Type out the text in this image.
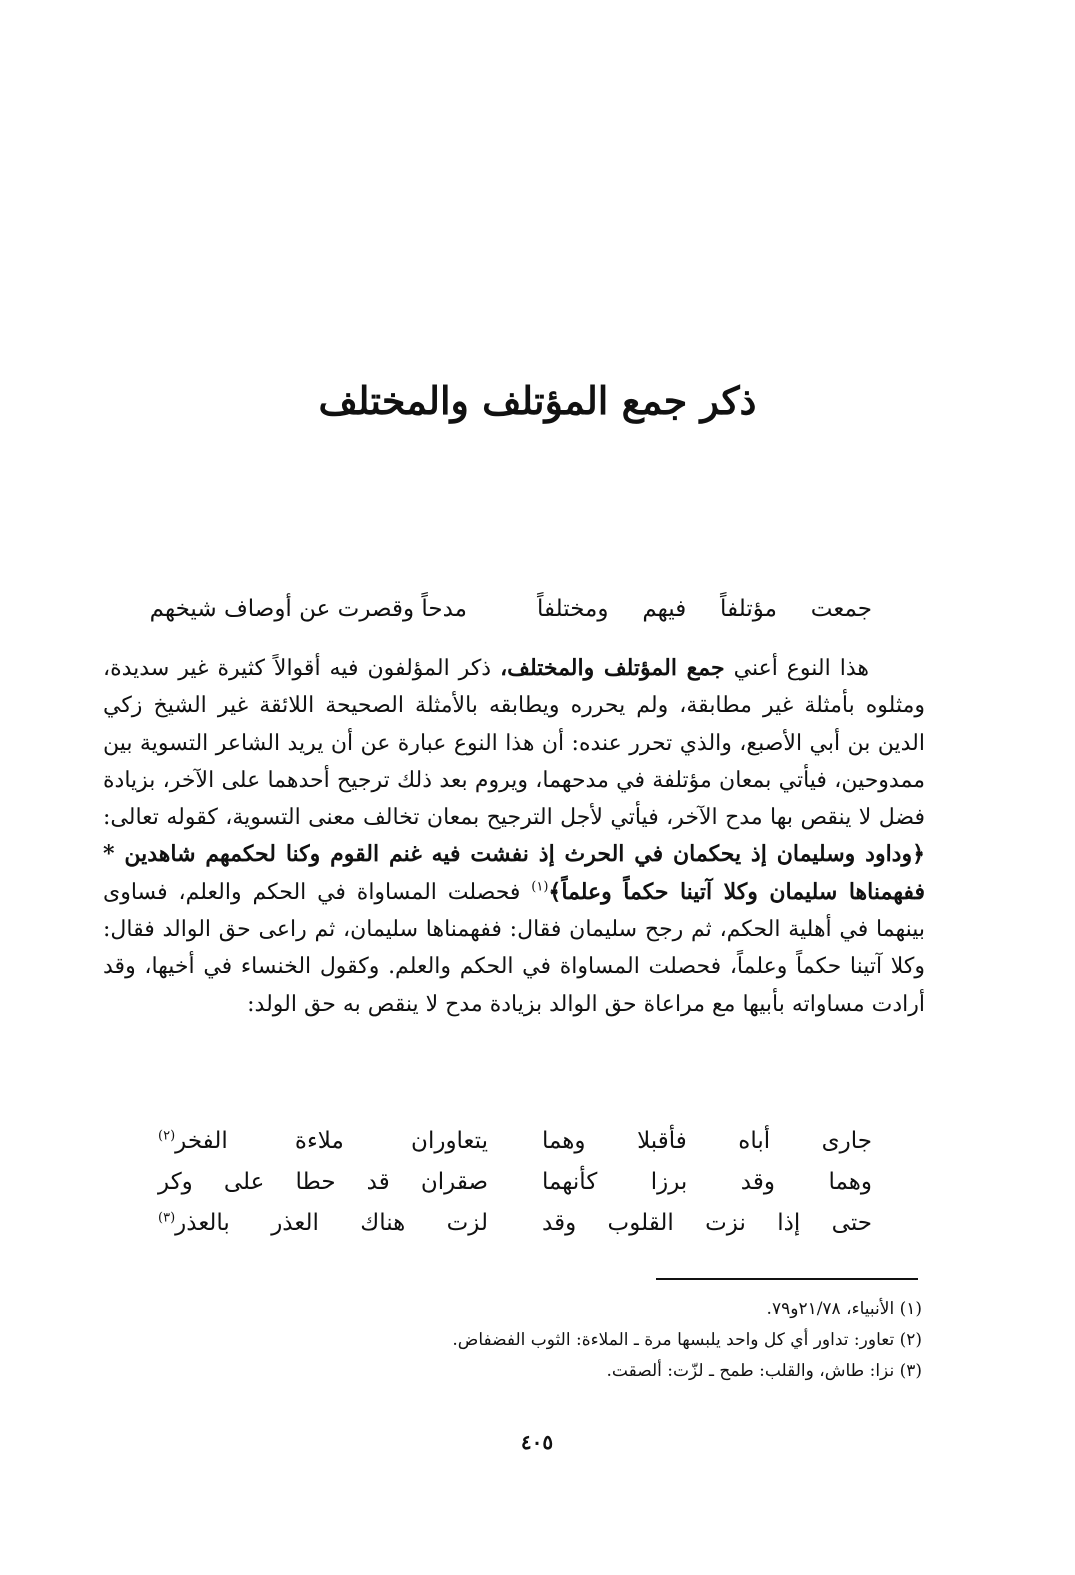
ذكر جمع المؤتلف والمختلف
جمعت مؤتلفاً فيهم ومختلفاً
مدحاً وقصرت عن أوصاف شيخهم

هذا النوع أعني جمع المؤتلف والمختلف، ذكر المؤلفون فيه أقوالاً كثيرة غير سديدة، ومثلوه بأمثلة غير مطابقة، ولم يحرره ويطابقه بالأمثلة الصحيحة اللائقة غير الشيخ زكي الدين بن أبي الأصبع، والذي تحرر عنده: أن هذا النوع عبارة عن أن يريد الشاعر التسوية بين ممدوحين، فيأتي بمعان مؤتلفة في مدحهما، ويروم بعد ذلك ترجيح أحدهما على الآخر، بزيادة فضل لا ينقص بها مدح الآخر، فيأتي لأجل الترجيح بمعان تخالف معنى التسوية، كقوله تعالى: ﴿وداود وسليمان إذ يحكمان في الحرث إذ نفشت فيه غنم القوم وكنا لحكمهم شاهدين * ففهمناها سليمان وكلا آتينا حكماً وعلماً﴾$^{(١)}$ فحصلت المساواة في الحكم والعلم، فساوى بينهما في أهلية الحكم، ثم رجح سليمان فقال: ففهمناها سليمان، ثم راعى حق الوالد فقال: وكلا آتينا حكماً وعلماً، فحصلت المساواة في الحكم والعلم. وكقول الخنساء في أخيها، وقد أرادت مساواته بأبيها مع مراعاة حق الوالد بزيادة مدح لا ينقص به حق الولد:

جارى أباه فأقبلا وهما
يتعاوران ملاءة الفخر$^{(٢)}$
وهما وقد برزا كأنهما
صقران قد حطا على وكر
حتى إذا نزت القلوب وقد
لزت هناك العذر بالعذر$^{(٣)}$
(١) الأنبياء، ٢١/٧٨و٧٩.
(٢) تعاور: تداور أي كل واحد يلبسها مرة ـ الملاءة: الثوب الفضفاض.
(٣) نزا: طاش، والقلب: طمح ـ لزّت: ألصقت.
٤٠٥
